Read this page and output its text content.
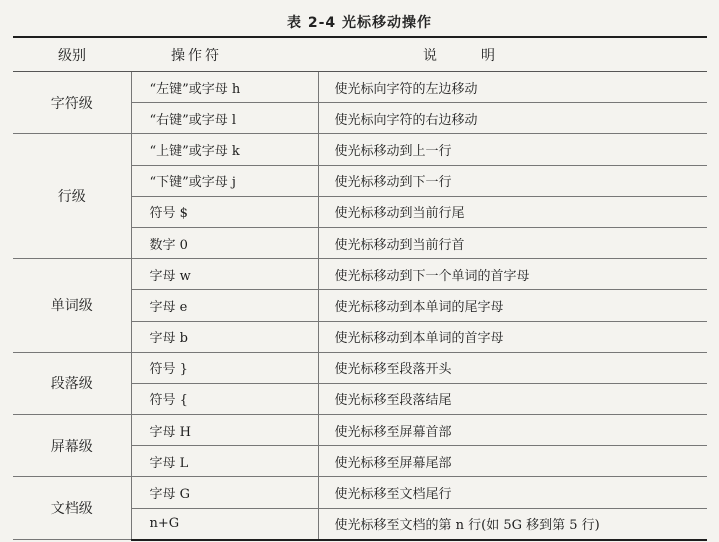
表 2-4 光标移动操作
级别	操作符	说 明
字符级	“左键”或字母 h	使光标向字符的左边移动
	“右键”或字母 l	使光标向字符的右边移动
行级	“上键”或字母 k	使光标移动到上一行
	“下键”或字母 j	使光标移动到下一行
	符号 $	使光标移动到当前行尾
	数字 0	使光标移动到当前行首
单词级	字母 w	使光标移动到下一个单词的首字母
	字母 e	使光标移动到本单词的尾字母
	字母 b	使光标移动到本单词的首字母
段落级	符号 }	使光标移至段落开头
	符号 {	使光标移至段落结尾
屏幕级	字母 H	使光标移至屏幕首部
	字母 L	使光标移至屏幕尾部
文档级	字母 G	使光标移至文档尾行
	n+G	使光标移至文档的第 n 行(如 5G 移到第 5 行)
